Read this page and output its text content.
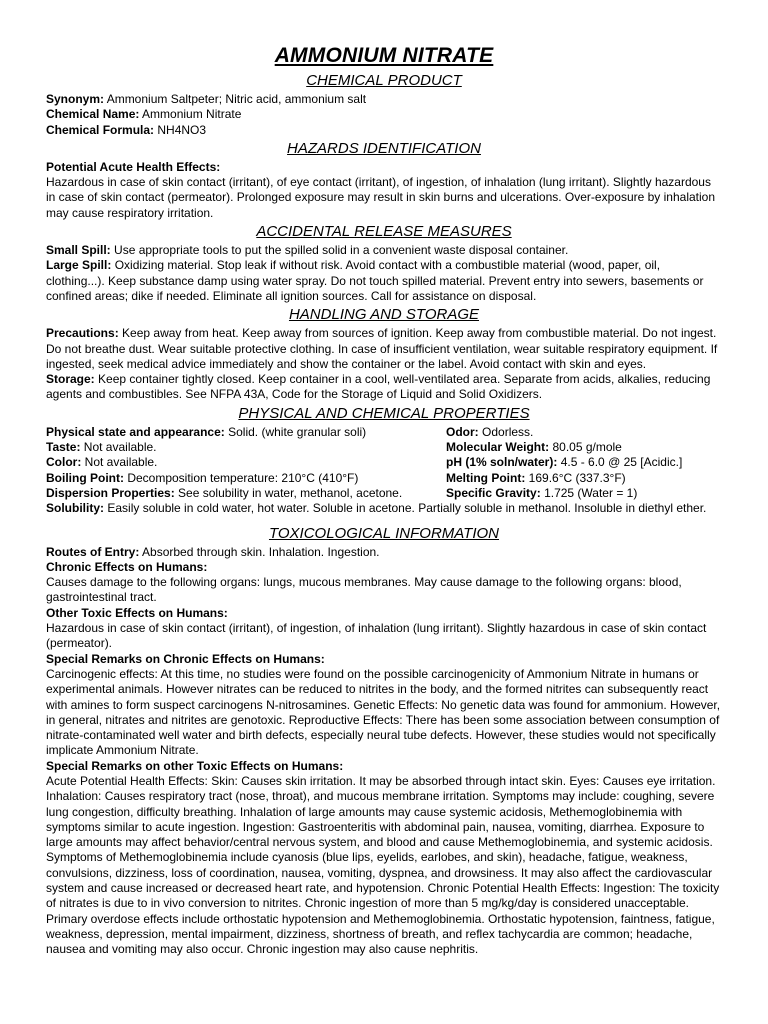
AMMONIUM NITRATE
CHEMICAL PRODUCT

Synonym: Ammonium Saltpeter; Nitric acid, ammonium salt

Chemical Name: Ammonium Nitrate

Chemical Formula: NH4NO3

HAZARDS IDENTIFICATION

Potential Acute Health Effects:

Hazardous in case of skin contact (irritant), of eye contact (irritant), of ingestion, of inhalation (lung irritant). Slightly hazardous in case of skin contact (permeator). Prolonged exposure may result in skin burns and ulcerations. Over-exposure by inhalation may cause respiratory irritation.

ACCIDENTAL RELEASE MEASURES

Small Spill: Use appropriate tools to put the spilled solid in a convenient waste disposal container.

Large Spill: Oxidizing material. Stop leak if without risk. Avoid contact with a combustible material (wood, paper, oil, clothing...). Keep substance damp using water spray. Do not touch spilled material. Prevent entry into sewers, basements or confined areas; dike if needed. Eliminate all ignition sources. Call for assistance on disposal.

HANDLING AND STORAGE

Precautions: Keep away from heat. Keep away from sources of ignition. Keep away from combustible material. Do not ingest. Do not breathe dust. Wear suitable protective clothing. In case of insufficient ventilation, wear suitable respiratory equipment. If ingested, seek medical advice immediately and show the container or the label. Avoid contact with skin and eyes.

Storage: Keep container tightly closed. Keep container in a cool, well-ventilated area. Separate from acids, alkalies, reducing agents and combustibles. See NFPA 43A, Code for the Storage of Liquid and Solid Oxidizers.

PHYSICAL AND CHEMICAL PROPERTIES
Physical state and appearance: Solid. (white granular soli)	Odor: Odorless.
Taste: Not available.	Molecular Weight: 80.05 g/mole
Color: Not available.	pH (1% soln/water): 4.5 - 6.0 @ 25 [Acidic.]
Boiling Point: Decomposition temperature: 210°C (410°F)	Melting Point: 169.6°C (337.3°F)
Dispersion Properties: See solubility in water, methanol, acetone.	Specific Gravity: 1.725 (Water = 1)

Solubility: Easily soluble in cold water, hot water. Soluble in acetone. Partially soluble in methanol. Insoluble in diethyl ether.

TOXICOLOGICAL INFORMATION

Routes of Entry: Absorbed through skin. Inhalation. Ingestion.

Chronic Effects on Humans:

Causes damage to the following organs: lungs, mucous membranes. May cause damage to the following organs: blood, gastrointestinal tract.

Other Toxic Effects on Humans:

Hazardous in case of skin contact (irritant), of ingestion, of inhalation (lung irritant). Slightly hazardous in case of skin contact (permeator).

Special Remarks on Chronic Effects on Humans:

Carcinogenic effects: At this time, no studies were found on the possible carcinogenicity of Ammonium Nitrate in humans or experimental animals. However nitrates can be reduced to nitrites in the body, and the formed nitrites can subsequently react with amines to form suspect carcinogens N-nitrosamines. Genetic Effects: No genetic data was found for ammonium. However, in general, nitrates and nitrites are genotoxic. Reproductive Effects: There has been some association between consumption of nitrate-contaminated well water and birth defects, especially neural tube defects. However, these studies would not specifically implicate Ammonium Nitrate.

Special Remarks on other Toxic Effects on Humans:

Acute Potential Health Effects: Skin: Causes skin irritation. It may be absorbed through intact skin. Eyes: Causes eye irritation. Inhalation: Causes respiratory tract (nose, throat), and mucous membrane irritation. Symptoms may include: coughing, severe lung congestion, difficulty breathing. Inhalation of large amounts may cause systemic acidosis, Methemoglobinemia with symptoms similar to acute ingestion. Ingestion: Gastroenteritis with abdominal pain, nausea, vomiting, diarrhea. Exposure to large amounts may affect behavior/central nervous system, and blood and cause Methemoglobinemia, and systemic acidosis. Symptoms of Methemoglobinemia include cyanosis (blue lips, eyelids, earlobes, and skin), headache, fatigue, weakness, convulsions, dizziness, loss of coordination, nausea, vomiting, dyspnea, and drowsiness. It may also affect the cardiovascular system and cause increased or decreased heart rate, and hypotension. Chronic Potential Health Effects: Ingestion: The toxicity of nitrates is due to in vivo conversion to nitrites. Chronic ingestion of more than 5 mg/kg/day is considered unacceptable. Primary overdose effects include orthostatic hypotension and Methemoglobinemia. Orthostatic hypotension, faintness, fatigue, weakness, depression, mental impairment, dizziness, shortness of breath, and reflex tachycardia are common; headache, nausea and vomiting may also occur. Chronic ingestion may also cause nephritis.
